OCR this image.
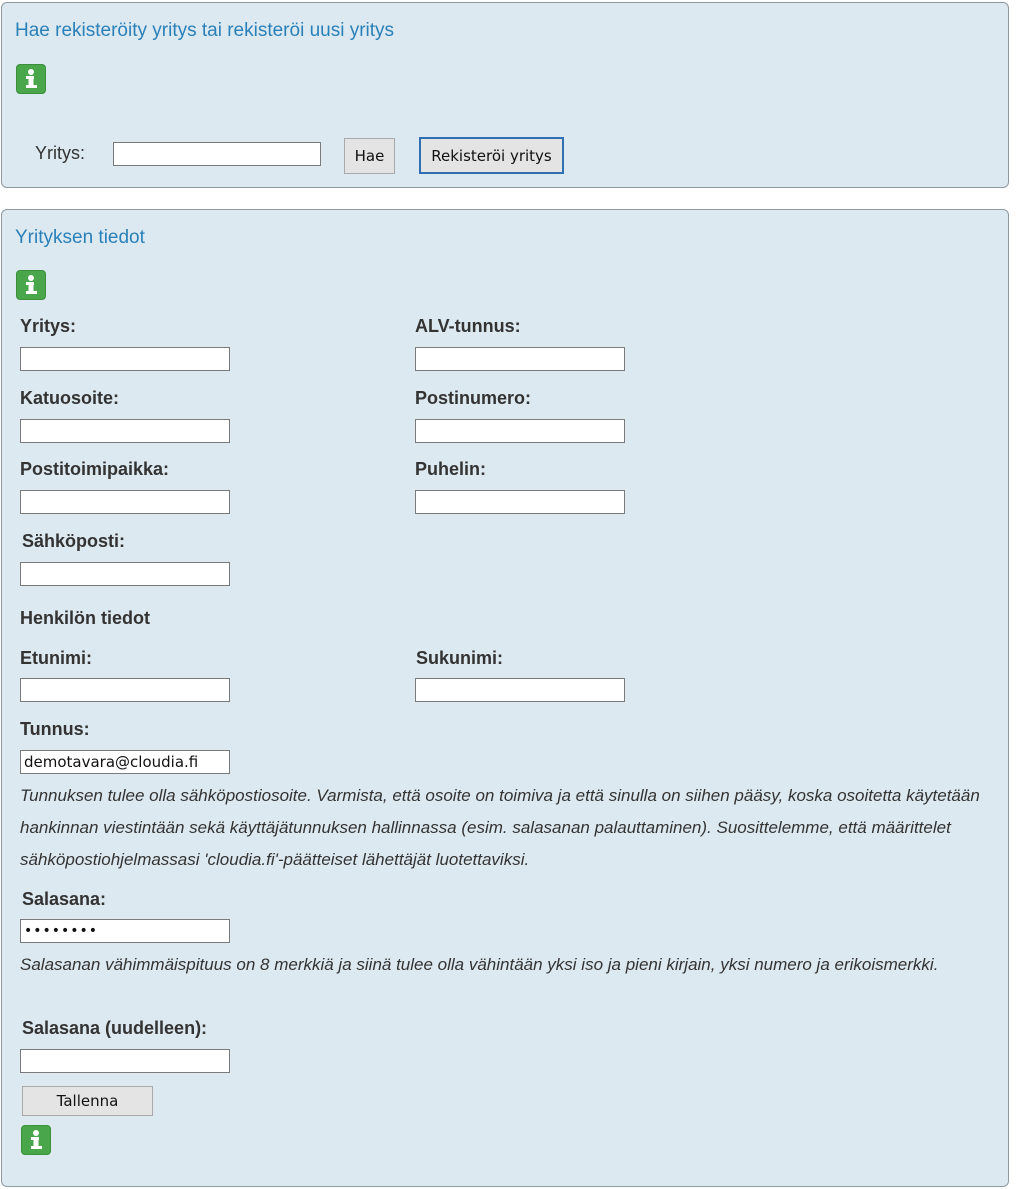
Hae rekisteröity yritys tai rekisteröi uusi yritys
Yritys:	Hae	Rekisteröi yritys
Yrityksen tiedot
Yritys:	ALV-tunnus:
Katuosoite:	Postinumero:
Postitoimipaikka:	Puhelin:
Sähköposti:
Henkilön tiedot
Etunimi:	Sukunimi:
Tunnus:
demotavara@cloudia.fi
Tunnuksen tulee olla sähköpostiosoite. Varmista, että osoite on toimiva ja että sinulla on siihen pääsy, koska osoitetta käytetään hankinnan viestintään sekä käyttäjätunnuksen hallinnassa (esim. salasanan palauttaminen). Suosittelemme, että määrittelet sähköpostiohjelmassasi 'cloudia.fi'-päätteiset lähettäjät luotettaviksi.
Salasana:
••••••••
Salasanan vähimmäispituus on 8 merkkiä ja siinä tulee olla vähintään yksi iso ja pieni kirjain, yksi numero ja erikoismerkki.
Salasana (uudelleen):
Tallenna
